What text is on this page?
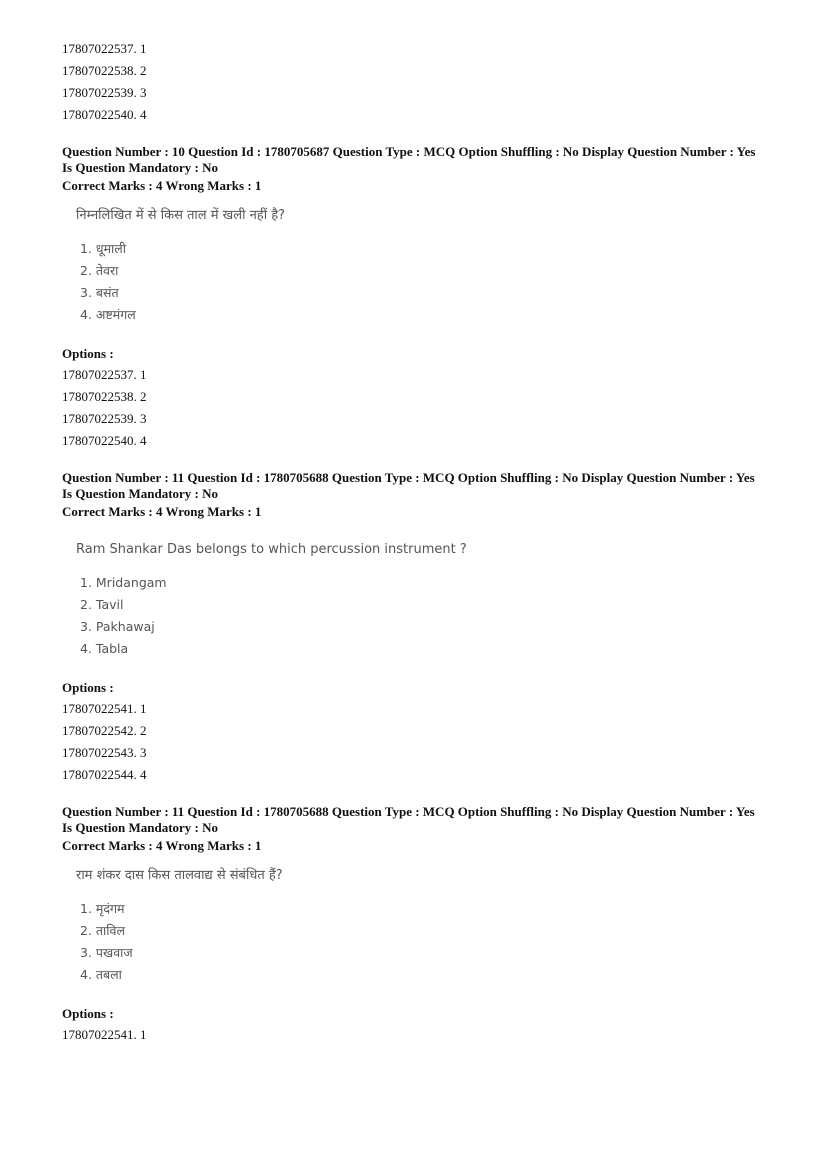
17807022537. 1
17807022538. 2
17807022539. 3
17807022540. 4
Question Number : 10 Question Id : 1780705687 Question Type : MCQ Option Shuffling : No Display Question Number : Yes Is Question Mandatory : No
Correct Marks : 4 Wrong Marks : 1
निम्नलिखित में से किस ताल में खली नहीं है?
1. धूमाली
2. तेवरा
3. बसंत
4. अष्टमंगल
Options :
17807022537. 1
17807022538. 2
17807022539. 3
17807022540. 4
Question Number : 11 Question Id : 1780705688 Question Type : MCQ Option Shuffling : No Display Question Number : Yes Is Question Mandatory : No
Correct Marks : 4 Wrong Marks : 1
Ram Shankar Das belongs to which percussion instrument ?
1. Mridangam
2. Tavil
3. Pakhawaj
4. Tabla
Options :
17807022541. 1
17807022542. 2
17807022543. 3
17807022544. 4
Question Number : 11 Question Id : 1780705688 Question Type : MCQ Option Shuffling : No Display Question Number : Yes Is Question Mandatory : No
Correct Marks : 4 Wrong Marks : 1
राम शंकर दास किस तालवाद्य से संबंधित हैं?
1. मृदंगम
2. ताविल
3. पखवाज
4. तबला
Options :
17807022541. 1
